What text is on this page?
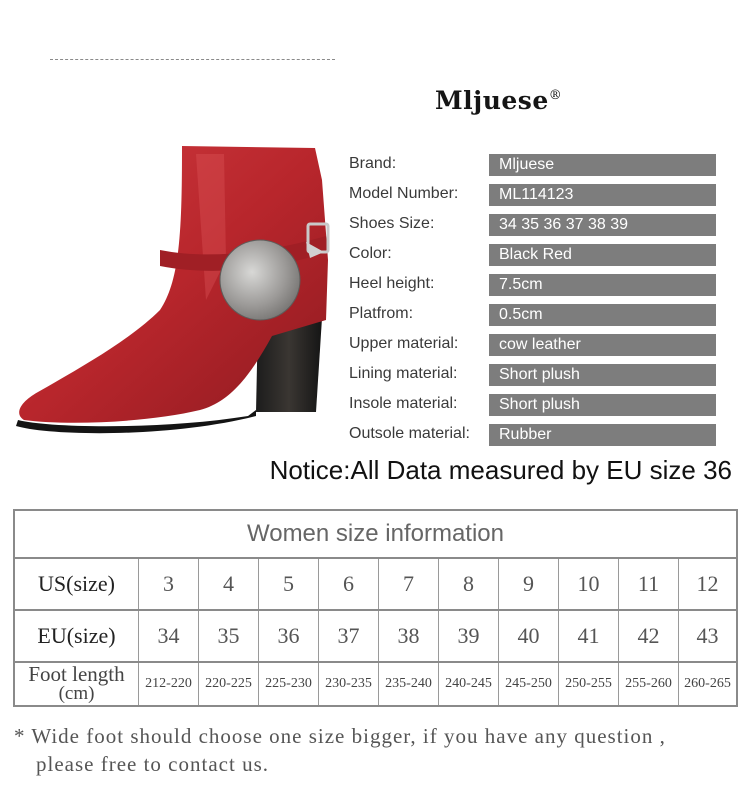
Mljuese®
Brand:	Mljuese
Model Number:	ML114123
Shoes Size:	34 35 36 37 38 39
Color:	Black Red
Heel height:	7.5cm
Platfrom:	0.5cm
Upper material:	cow leather
Lining material:	Short plush
Insole material:	Short plush
Outsole material:	Rubber
Notice:All Data measured by EU size 36
Women size information
US(size)	3	4	5	6	7	8	9	10	11	12
EU(size)	34	35	36	37	38	39	40	41	42	43
Foot length
(cm)	212-220 220-225 225-230 230-235 235-240 240-245 245-250 250-255 255-260 260-265
* Wide foot should choose one size bigger, if you have any question ,
please free to contact us.
